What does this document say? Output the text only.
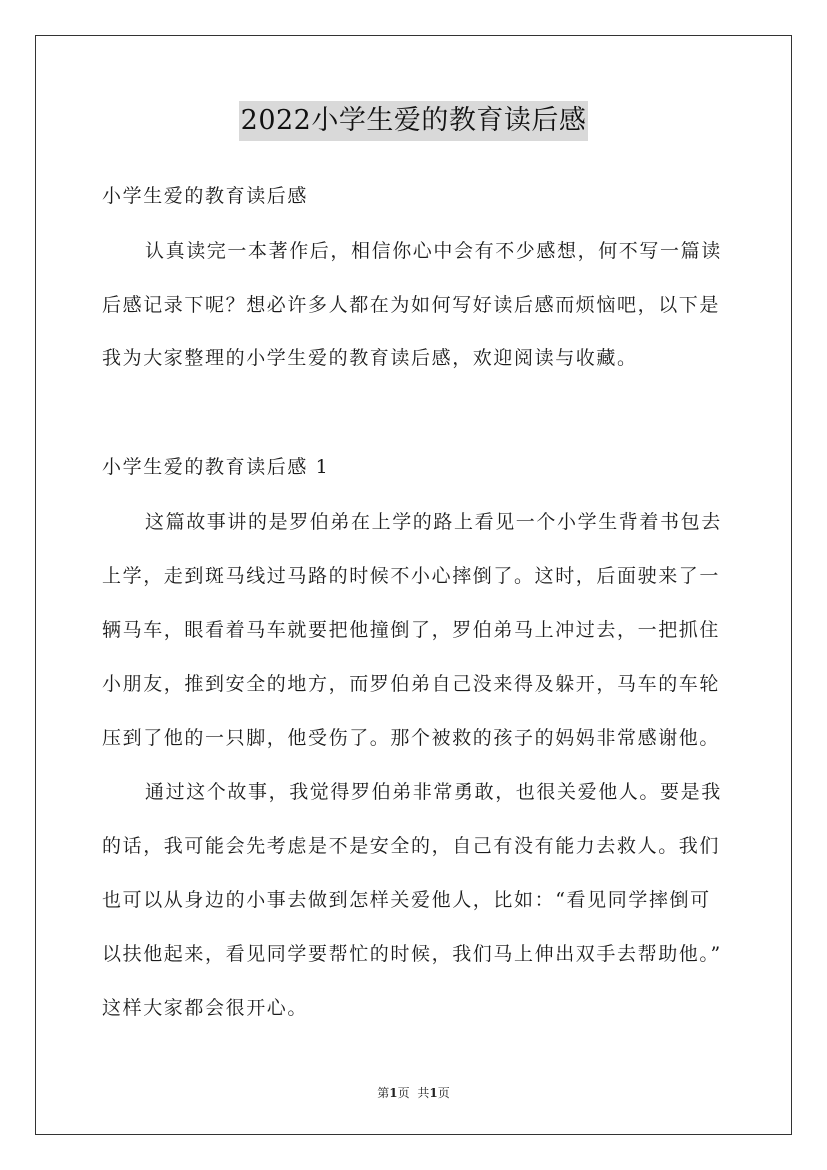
2022小学生爱的教育读后感
小学生爱的教育读后感
认真读完一本著作后，相信你心中会有不少感想，何不写一篇读
后感记录下呢？想必许多人都在为如何写好读后感而烦恼吧，以下是
我为大家整理的小学生爱的教育读后感，欢迎阅读与收藏。
小学生爱的教育读后感 1
这篇故事讲的是罗伯弟在上学的路上看见一个小学生背着书包去
上学，走到斑马线过马路的时候不小心摔倒了。这时，后面驶来了一
辆马车，眼看着马车就要把他撞倒了，罗伯弟马上冲过去，一把抓住
小朋友，推到安全的地方，而罗伯弟自己没来得及躲开，马车的车轮
压到了他的一只脚，他受伤了。那个被救的孩子的妈妈非常感谢他。
通过这个故事，我觉得罗伯弟非常勇敢，也很关爱他人。要是我
的话，我可能会先考虑是不是安全的，自己有没有能力去救人。我们
也可以从身边的小事去做到怎样关爱他人，比如：“看见同学摔倒可
以扶他起来，看见同学要帮忙的时候，我们马上伸出双手去帮助他。”
这样大家都会很开心。
第1页 共1页
